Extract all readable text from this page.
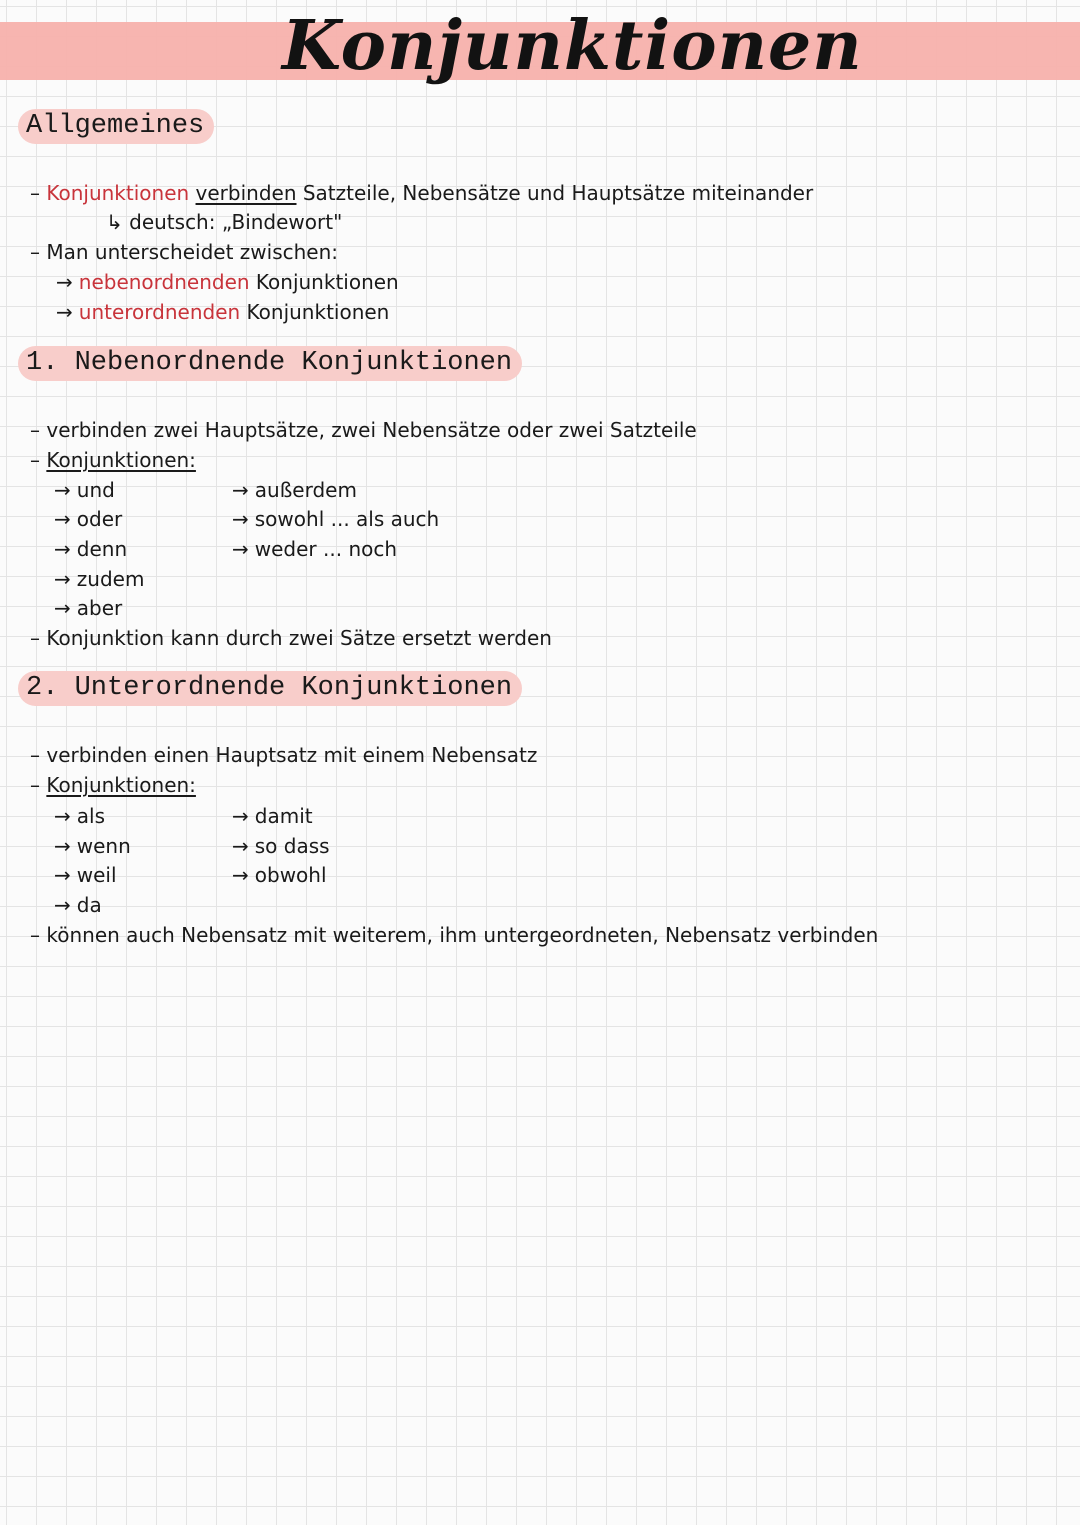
Konjunktionen
Allgemeines
– Konjunktionen verbinden Satzteile, Nebensätze und Hauptsätze miteinander
↳ deutsch: „Bindewort"
– Man unterscheidet zwischen:
→ nebenordnenden Konjunktionen
→ unterordnenden Konjunktionen
1. Nebenordnende Konjunktionen
– verbinden zwei Hauptsätze, zwei Nebensätze oder zwei Satzteile
– Konjunktionen:
→ und
→ oder
→ denn
→ zudem
→ aber
→ außerdem
→ sowohl ... als auch
→ weder ... noch
– Konjunktion kann durch zwei Sätze ersetzt werden
2. Unterordnende Konjunktionen
– verbinden einen Hauptsatz mit einem Nebensatz
– Konjunktionen:
→ als
→ wenn
→ weil
→ da
→ damit
→ so dass
→ obwohl
– können auch Nebensatz mit weiterem, ihm untergeordneten, Nebensatz verbinden
